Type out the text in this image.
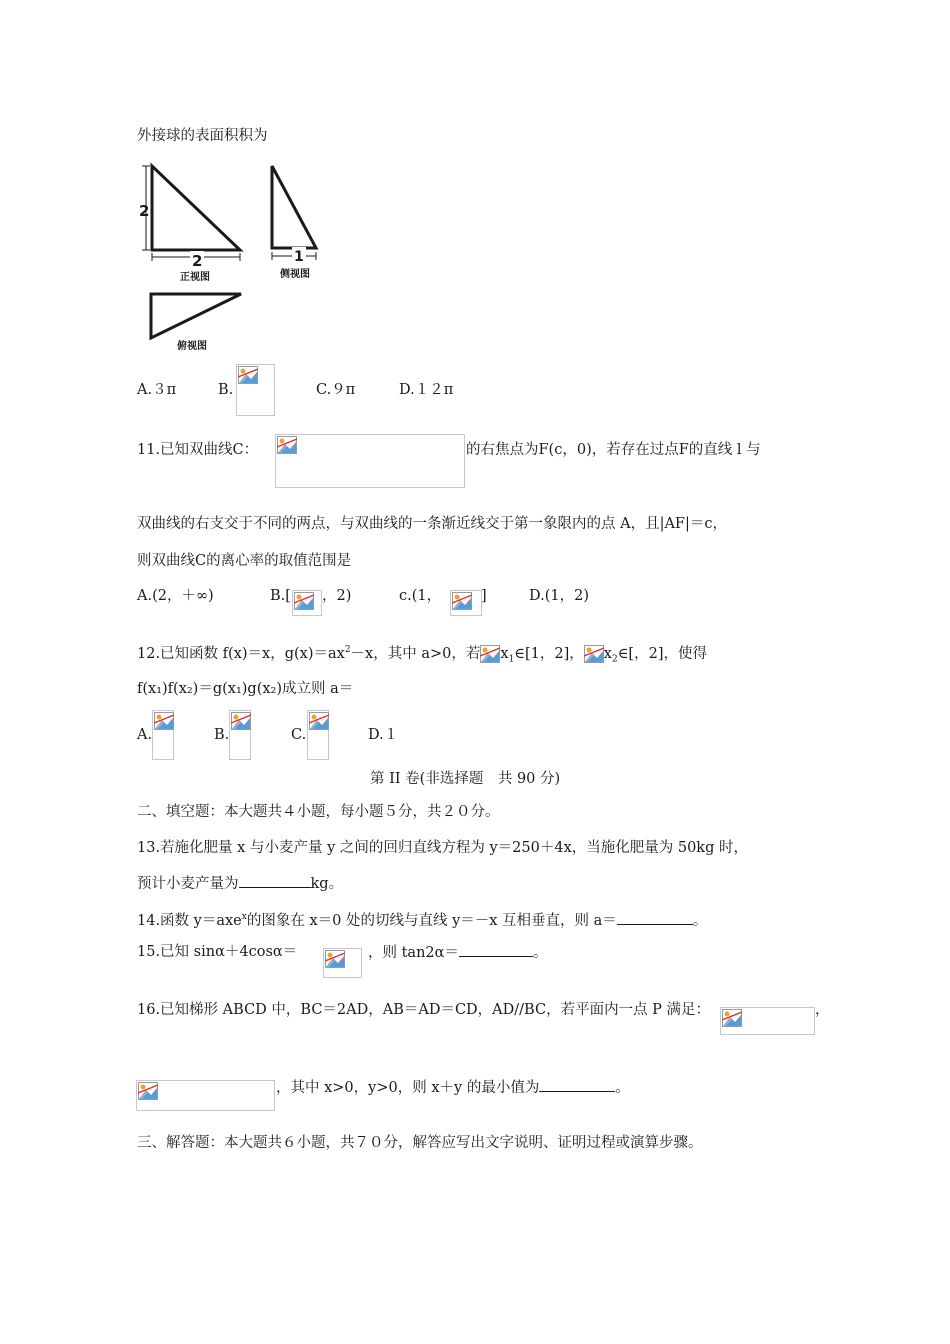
外接球的表面积积为
2
2
正视图
1
侧视图
俯视图
A.３π	B.	C.９π	D.１２π
11.已知双曲线C：	的右焦点为F(c，0)，若存在过点F的直线 l 与
双曲线的右支交于不同的两点，与双曲线的一条渐近线交于第一象限内的点 A，且|AF|＝c，
则双曲线C的离心率的取值范围是
A.(2，＋∞)	B.[ ，2)	c.(1，	]	D.(1，2)
12.已知函数 f(x)＝x，$g(x)=ax^2-x$，其中 a>0，若 $x_1\in[1$，2]， $x_2\in$[，2]，使得
f(x₁)f(x₂)＝g(x₁)g(x₂)成立则 a＝
A.	B.	C.	D.１
第 II 卷(非选择题　共 90 分)
二、填空题：本大题共４小题，每小题５分，共２０分。
13.若施化肥量 x 与小麦产量 y 之间的回归直线方程为 y＝250＋4x，当施化肥量为 50kg 时，
预计小麦产量为	kg。
14.函数 y＝axe$^x$的图象在 x＝0 处的切线与直线 y＝－x 互相垂直，则 a＝	。
15.已知 sinα＋4cosα＝	，则 tan2α＝	。
16.已知梯形 ABCD 中，BC＝2AD，AB＝AD＝CD，AD//BC，若平面内一点 P 满足：	，
，其中 x>0，y>0，则 x＋y 的最小值为	。
三、解答题：本大题共６小题，共７０分，解答应写出文字说明、证明过程或演算步骤。
